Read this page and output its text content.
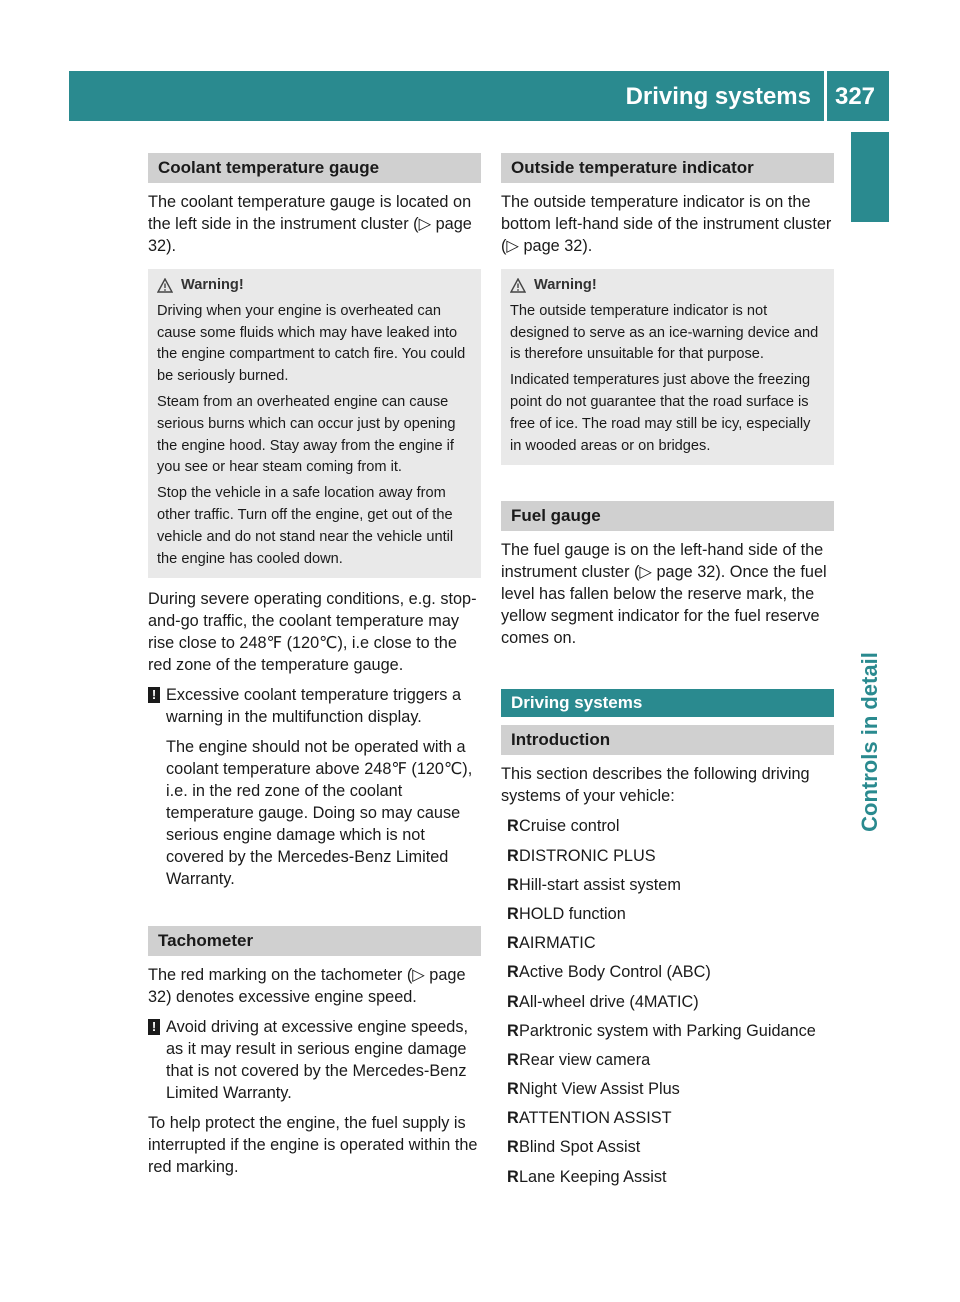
Driving systems 327
Controls in detail
Coolant temperature gauge

The coolant temperature gauge is located on the left side in the instrument cluster (▷ page 32).

Warning!

Driving when your engine is overheated can cause some fluids which may have leaked into the engine compartment to catch fire. You could be seriously burned.

Steam from an overheated engine can cause serious burns which can occur just by opening the engine hood. Stay away from the engine if you see or hear steam coming from it.

Stop the vehicle in a safe location away from other traffic. Turn off the engine, get out of the vehicle and do not stand near the vehicle until the engine has cooled down.

During severe operating conditions, e.g. stop-and-go traffic, the coolant temperature may rise close to 248℉ (120℃), i.e close to the red zone of the temperature gauge.

! Excessive coolant temperature triggers a warning in the multifunction display.

The engine should not be operated with a coolant temperature above 248℉ (120℃), i.e. in the red zone of the coolant temperature gauge. Doing so may cause serious engine damage which is not covered by the Mercedes-Benz Limited Warranty.

Tachometer

The red marking on the tachometer (▷ page 32) denotes excessive engine speed.

! Avoid driving at excessive engine speeds, as it may result in serious engine damage that is not covered by the Mercedes-Benz Limited Warranty.

To help protect the engine, the fuel supply is interrupted if the engine is operated within the red marking.

Outside temperature indicator

The outside temperature indicator is on the bottom left-hand side of the instrument cluster (▷ page 32).

Warning!

The outside temperature indicator is not designed to serve as an ice-warning device and is therefore unsuitable for that purpose.

Indicated temperatures just above the freezing point do not guarantee that the road surface is free of ice. The road may still be icy, especially in wooded areas or on bridges.

Fuel gauge

The fuel gauge is on the left-hand side of the instrument cluster (▷ page 32). Once the fuel level has fallen below the reserve mark, the yellow segment indicator for the fuel reserve comes on.

Driving systems
Introduction

This section describes the following driving systems of your vehicle:

R Cruise control
R DISTRONIC PLUS
R Hill-start assist system
R HOLD function
R AIRMATIC
R Active Body Control (ABC)
R All-wheel drive (4MATIC)
R Parktronic system with Parking Guidance
R Rear view camera
R Night View Assist Plus
R ATTENTION ASSIST
R Blind Spot Assist
R Lane Keeping Assist
